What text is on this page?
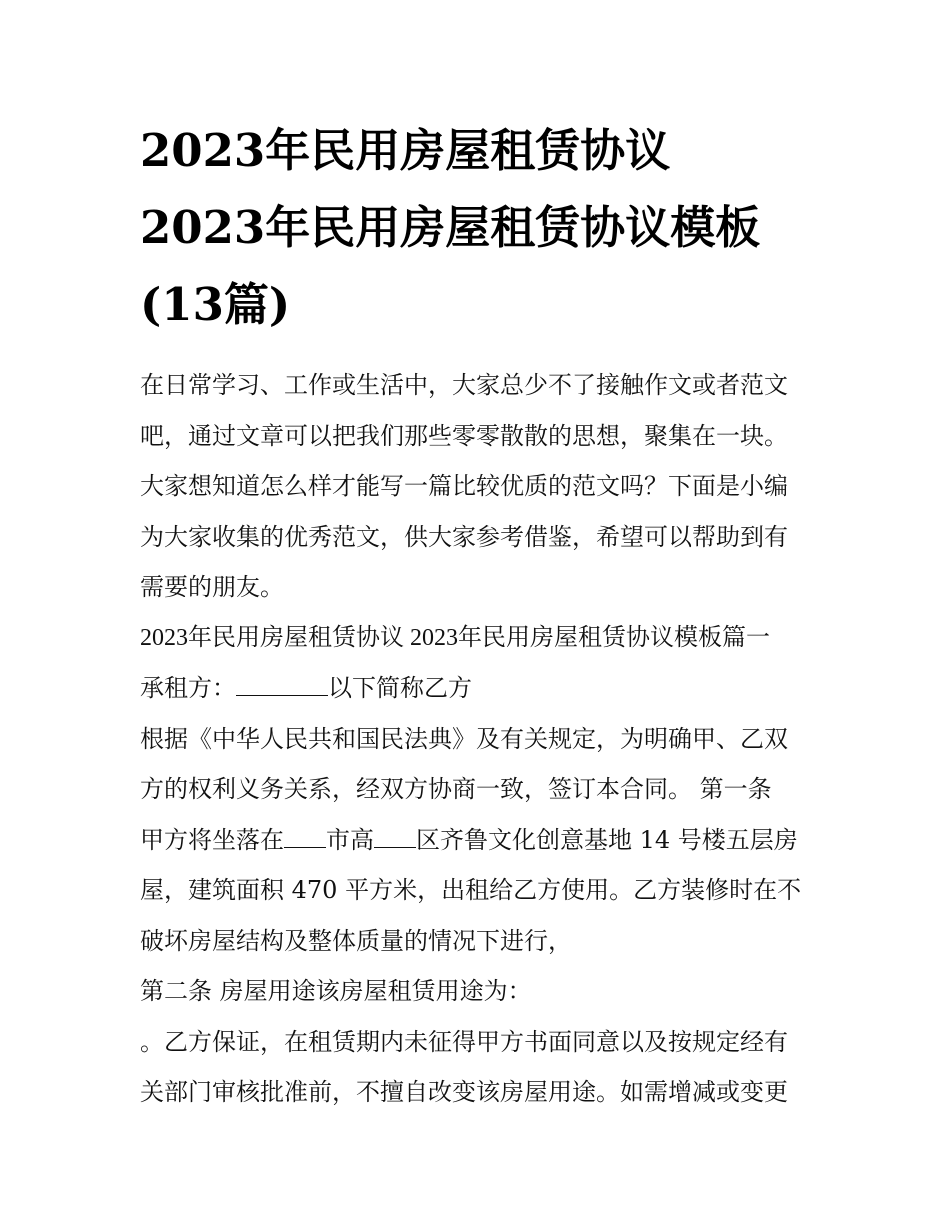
2023年民用房屋租赁协议
2023年民用房屋租赁协议模板
(13篇)

在日常学习、工作或生活中，大家总少不了接触作文或者范文
吧，通过文章可以把我们那些零零散散的思想，聚集在一块。
大家想知道怎么样才能写一篇比较优质的范文吗？下面是小编
为大家收集的优秀范文，供大家参考借鉴，希望可以帮助到有
需要的朋友。

2023年民用房屋租赁协议 2023年民用房屋租赁协议模板篇一

承租方：	以下简称乙方

根据《中华人民共和国民法典》及有关规定，为明确甲、乙双
方的权利义务关系，经双方协商一致，签订本合同。 第一条
甲方将坐落在 市高 区齐鲁文化创意基地 14 号楼五层房
屋，建筑面积 470 平方米，出租给乙方使用。乙方装修时在不
破坏房屋结构及整体质量的情况下进行，

第二条 房屋用途该房屋租赁用途为：
。乙方保证，在租赁期内未征得甲方书面同意以及按规定经有
关部门审核批准前，不擅自改变该房屋用途。如需增减或变更
